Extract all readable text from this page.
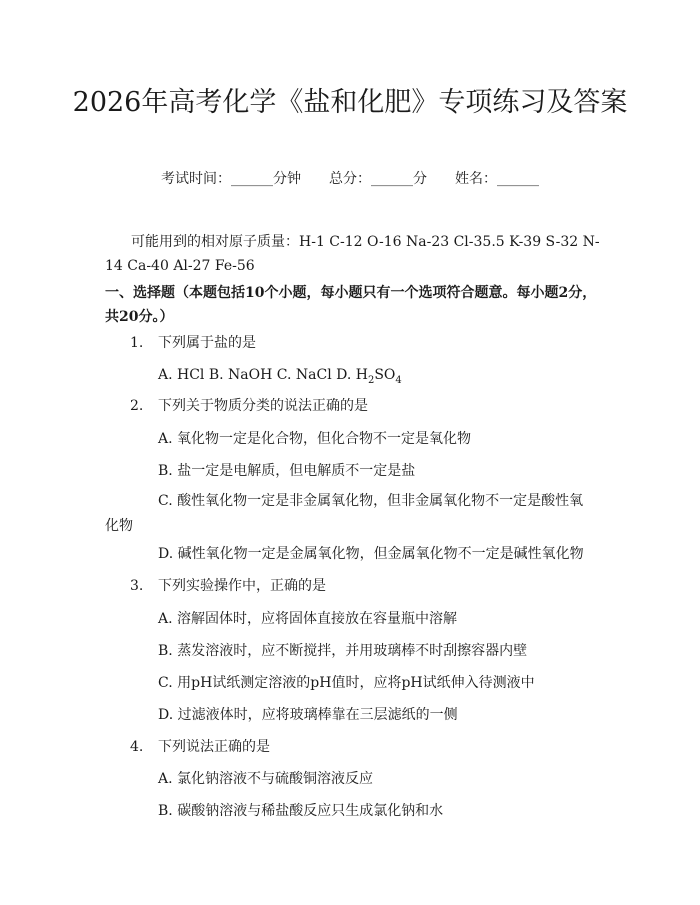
2026年高考化学《盐和化肥》专项练习及答案
考试时间：______分钟 总分：______分 姓名：______

可能用到的相对原子质量：H-1 C-12 O-16 Na-23 Cl-35.5 K-39 S-32 N-14 Ca-40 Al-27 Fe-56

一、选择题（本题包括10个小题，每小题只有一个选项符合题意。每小题2分，共20分。）

1. 下列属于盐的是

A. HCl B. NaOH C. NaCl D. $H_2SO_4$

2. 下列关于物质分类的说法正确的是

A. 氧化物一定是化合物，但化合物不一定是氧化物

B. 盐一定是电解质，但电解质不一定是盐

C. 酸性氧化物一定是非金属氧化物，但非金属氧化物不一定是酸性氧化物

D. 碱性氧化物一定是金属氧化物，但金属氧化物不一定是碱性氧化物

3. 下列实验操作中，正确的是

A. 溶解固体时，应将固体直接放在容量瓶中溶解

B. 蒸发溶液时，应不断搅拌，并用玻璃棒不时刮擦容器内壁

C. 用pH试纸测定溶液的pH值时，应将pH试纸伸入待测液中

D. 过滤液体时，应将玻璃棒靠在三层滤纸的一侧

4. 下列说法正确的是

A. 氯化钠溶液不与硫酸铜溶液反应

B. 碳酸钠溶液与稀盐酸反应只生成氯化钠和水
